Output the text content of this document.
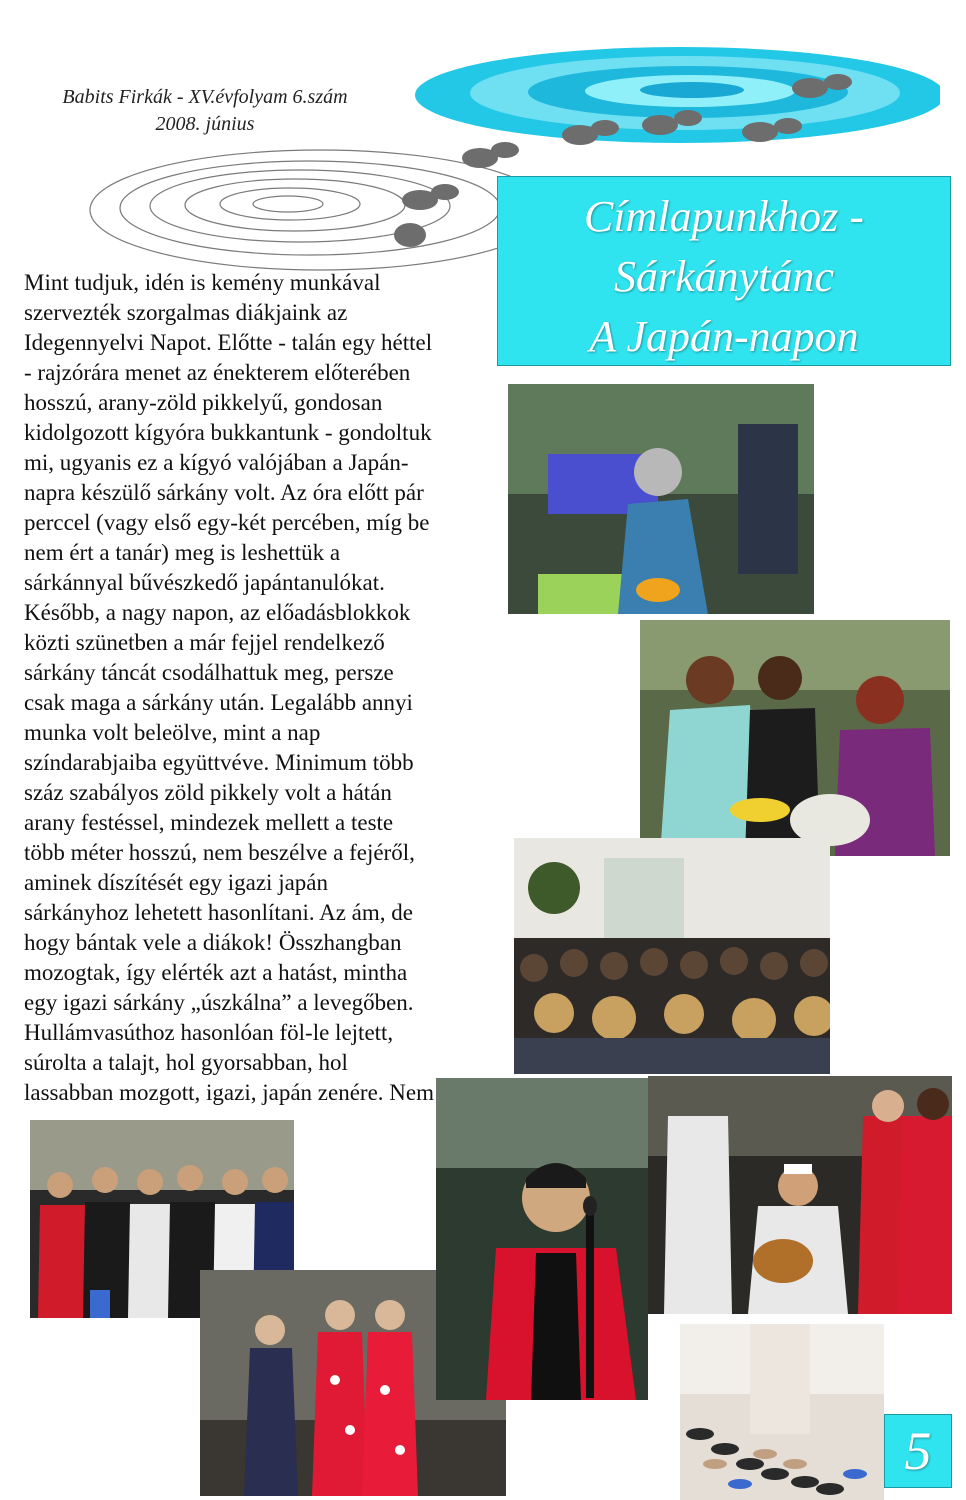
Babits Firkák - XV.évfolyam 6.szám
2008. június
Címlapunkhoz -
Sárkánytánc
A Japán-napon
Mint tudjuk, idén is kemény munkával
szervezték szorgalmas diákjaink az
Idegennyelvi Napot. Előtte - talán egy héttel
- rajzórára menet az énekterem előterében
hosszú, arany-zöld pikkelyű, gondosan
kidolgozott kígyóra bukkantunk - gondoltuk
mi, ugyanis ez a kígyó valójában a Japán-
napra készülő sárkány volt. Az óra előtt pár
perccel (vagy első egy-két percében, míg be
nem ért a tanár) meg is leshettük a
sárkánnyal bűvészkedő japántanulókat.
Később, a nagy napon, az előadásblokkok
közti szünetben a már fejjel rendelkező
sárkány táncát csodálhattuk meg, persze
csak maga a sárkány után. Legalább annyi
munka volt beleölve, mint a nap
színdarabjaiba együttvéve. Minimum több
száz szabályos zöld pikkely volt a hátán
arany festéssel, mindezek mellett a teste
több méter hosszú, nem beszélve a fejéről,
aminek díszítését egy igazi japán
sárkányhoz lehetett hasonlítani. Az ám, de
hogy bántak vele a diákok! Összhangban
mozogtak, így elérték azt a hatást, mintha
egy igazi sárkány „úszkálna” a levegőben.
Hullámvasúthoz hasonlóan föl-le lejtett,
súrolta a talajt, hol gyorsabban, hol
lassabban mozgott, igazi, japán zenére. Nem
5
